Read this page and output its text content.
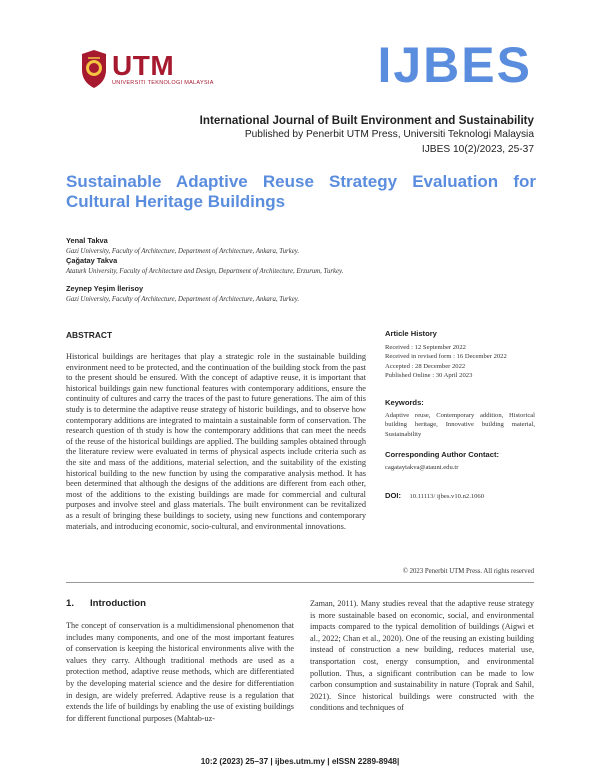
UTM
UNIVERSITI TEKNOLOGI MALAYSIA	IJBES
International Journal of Built Environment and Sustainability
Published by Penerbit UTM Press, Universiti Teknologi Malaysia
IJBES 10(2)/2023, 25-37
Sustainable Adaptive Reuse Strategy Evaluation for Cultural Heritage Buildings
Yenal Takva
Gazi University, Faculty of Architecture, Department of Architecture, Ankara, Turkey.
Çağatay Takva
Ataturk University, Faculty of Architecture and Design, Department of Architecture, Erzurum, Turkey.
Zeynep Yeşim İlerisoy
Gazi University, Faculty of Architecture, Department of Architecture, Ankara, Turkey.
ABSTRACT
Historical buildings are heritages that play a strategic role in the sustainable building environment need to be protected, and the continuation of the building stock from the past to the present should be ensured. With the concept of adaptive reuse, it is important that historical buildings gain new functional features with contemporary additions, ensure the continuity of cultures and carry the traces of the past to future generations. The aim of this study is to determine the adaptive reuse strategy of historic buildings, and to observe how contemporary additions are integrated to maintain a sustainable form of conservation. The research question of th study is how the contemporary additions that can meet the needs of the reuse of the historical buildings are applied. The building samples obtained through the literature review were evaluated in terms of physical aspects include criteria such as the site and mass of the additions, material selection, and the suitability of the existing historical building to the new function by using the comparative analysis method. It has been determined that although the designs of the additions are different from each other, most of the additions to the existing buildings are made for commercial and cultural purposes and involve steel and glass materials. The built environment can be revitalized as a result of bringing these buildings to society, using new functions and contemporary materials, and introducing economic, socio-cultural, and environmental innovations.
Article History
Received : 12 September 2022
Received in revised form : 16 December 2022
Accepted : 28 December 2022
Published Online : 30 April 2023
Keywords:
Adaptive reuse, Contemporary addition, Historical building heritage, Innovative building material, Sustainability
Corresponding Author Contact:
cagataytakva@atauni.edu.tr
DOI: 10.11113/ ijbes.v10.n2.1060
© 2023 Penerbit UTM Press. All rights reserved
1. Introduction
The concept of conservation is a multidimensional phenomenon that includes many components, and one of the most important features of conservation is keeping the historical environments alive with the values they carry. Although traditional methods are used as a protection method, adaptive reuse methods, which are differentiated by the developing material science and the desire for differentiation in design, are widely preferred. Adaptive reuse is a regulation that extends the life of buildings by enabling the use of existing buildings for different functional purposes (Mahtab-uz-
Zaman, 2011). Many studies reveal that the adaptive reuse strategy is more sustainable based on economic, social, and environmental impacts compared to the typical demolition of buildings (Aigwi et al., 2022; Chan et al., 2020). One of the reusing an existing building instead of construction a new building, reduces material use, transportation cost, energy consumption, and environmental pollution. Thus, a significant contribution can be made to low carbon consumption and sustainability in nature (Toprak and Sahil, 2021). Since historical buildings were constructed with the conditions and techniques of
10:2 (2023) 25–37 | ijbes.utm.my | eISSN 2289-8948|
